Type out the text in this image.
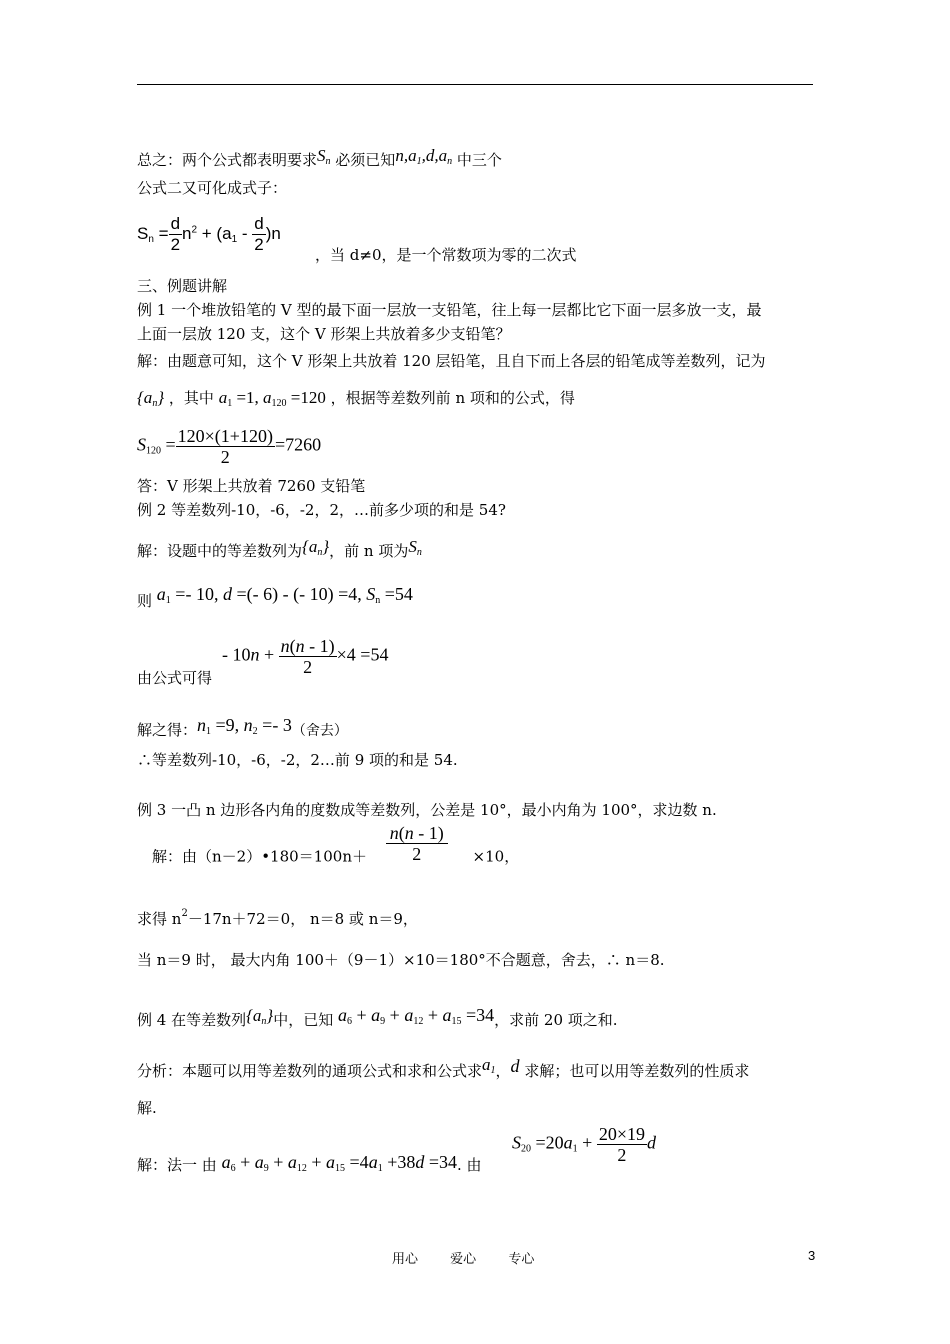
总之：两个公式都表明要求$S_n$ 必须已知$n,a_1,d,a_n$ 中三个
公式二又可化成式子：
$S_n = \frac{d}{2} n^2 + (a_1 - \frac{d}{2} )n$
，当 d≠0，是一个常数项为零的二次式
三、例题讲解
例 1 一个堆放铅笔的 V 型的最下面一层放一支铅笔，往上每一层都比它下面一层多放一支，最
上面一层放 120 支，这个 V 形架上共放着多少支铅笔？
解：由题意可知，这个 V 形架上共放着 120 层铅笔，且自下而上各层的铅笔成等差数列，记为
$\{a_n\}$ ，其中 $a_1 =1$, $a_{120} =120$ ，根据等差数列前 n 项和的公式，得
$S_{120} = \frac{120\times(1+120)}{2} =7260$
答：V 形架上共放着 7260 支铅笔
例 2 等差数列-10，-6，-2，2，…前多少项的和是 54?
解：设题中的等差数列为$\{a_n\}$，前 n 项为$S_n$
则 $a_1 =- 10$, d =(- 6) - (- 10) =4, $S_n =54$
- $10n + \frac{n(n - 1)}{2} \times 4 =54$
由公式可得
解之得：$n_1 =9$, $n_2 =- 3$（舍去）
∴等差数列-10，-6，-2，2…前 9 项的和是 54.
例 3 一凸 n 边形各内角的度数成等差数列，公差是 10°，最小内角为 100°，求边数 n.
解：由（n－2）•180＝100n＋ $\frac{n(n - 1)}{2} \times 10$，
求得 $n^2-17n+72=0$， n＝8 或 n＝9，
当 n＝9 时， 最大内角 100＋（9－1）×10＝180°不合题意，舍去，∴ n＝8.
例 4 在等差数列$\{a_n\}$中，已知 $a_6 + a_9 + a_{12} + a_{15} =34$，求前 20 项之和.
分析：本题可以用等差数列的通项公式和求和公式求$a_1$，d 求解；也可以用等差数列的性质求
解.
解：法一 由 $a_6 + a_9 + a_{12} + a_{15} =4a_1 +38d =34$. 由
$S_{20} =20a_1 + \frac{20\times 19}{2}$ d
用心 爱心 专心	3
